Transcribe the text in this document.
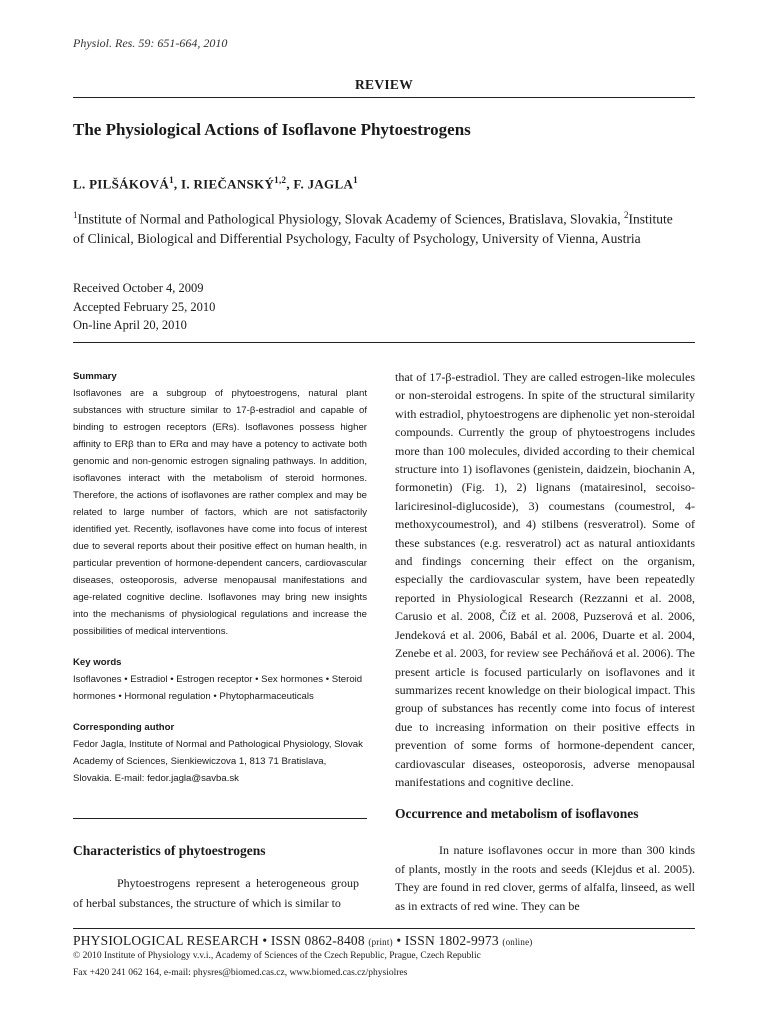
Physiol. Res. 59: 651-664, 2010
REVIEW
The Physiological Actions of Isoflavone Phytoestrogens
L. PILŠÁKOVÁ$^1$, I. RIEČANSKÝ$^{1,2}$, F. JAGLA$^1$
$^1$Institute of Normal and Pathological Physiology, Slovak Academy of Sciences, Bratislava, Slovakia, $^2$Institute of Clinical, Biological and Differential Psychology, Faculty of Psychology, University of Vienna, Austria
Received October 4, 2009
Accepted February 25, 2010
On-line April 20, 2010
Summary
Isoflavones are a subgroup of phytoestrogens, natural plant substances with structure similar to 17-β-estradiol and capable of binding to estrogen receptors (ERs). Isoflavones possess higher affinity to ERβ than to ERα and may have a potency to activate both genomic and non-genomic estrogen signaling pathways. In addition, isoflavones interact with the metabolism of steroid hormones. Therefore, the actions of isoflavones are rather complex and may be related to large number of factors, which are not satisfactorily identified yet. Recently, isoflavones have come into focus of interest due to several reports about their positive effect on human health, in particular prevention of hormone-dependent cancers, cardiovascular diseases, osteoporosis, adverse menopausal manifestations and age-related cognitive decline. Isoflavones may bring new insights into the mechanisms of physiological regulations and increase the possibilities of medical interventions.
Key words
Isoflavones • Estradiol • Estrogen receptor • Sex hormones • Steroid hormones • Hormonal regulation • Phytopharmaceuticals
Corresponding author
Fedor Jagla, Institute of Normal and Pathological Physiology, Slovak Academy of Sciences, Sienkiewiczova 1, 813 71 Bratislava, Slovakia. E-mail: fedor.jagla@savba.sk
Characteristics of phytoestrogens
Phytoestrogens represent a heterogeneous group of herbal substances, the structure of which is similar to
that of 17-β-estradiol. They are called estrogen-like molecules or non-steroidal estrogens. In spite of the structural similarity with estradiol, phytoestrogens are diphenolic yet non-steroidal compounds. Currently the group of phytoestrogens includes more than 100 molecules, divided according to their chemical structure into 1) isoflavones (genistein, daidzein, biochanin A, formonetin) (Fig. 1), 2) lignans (matairesinol, secoiso-lariciresinol-diglucoside), 3) coumestans (coumestrol, 4-methoxycoumestrol), and 4) stilbens (resveratrol). Some of these substances (e.g. resveratrol) act as natural antioxidants and findings concerning their effect on the organism, especially the cardiovascular system, have been repeatedly reported in Physiological Research (Rezzanni et al. 2008, Carusio et al. 2008, Číž et al. 2008, Puzserová et al. 2006, Jendeková et al. 2006, Babál et al. 2006, Duarte et al. 2004, Zenebe et al. 2003, for review see Pecháňová et al. 2006). The present article is focused particularly on isoflavones and it summarizes recent knowledge on their biological impact. This group of substances has recently come into focus of interest due to increasing information on their positive effects in prevention of some forms of hormone-dependent cancer, cardiovascular diseases, osteoporosis, adverse menopausal manifestations and cognitive decline.
Occurrence and metabolism of isoflavones
In nature isoflavones occur in more than 300 kinds of plants, mostly in the roots and seeds (Klejdus et al. 2005). They are found in red clover, germs of alfalfa, linseed, as well as in extracts of red wine. They can be
PHYSIOLOGICAL RESEARCH • ISSN 0862-8408 (print) • ISSN 1802-9973 (online)
© 2010 Institute of Physiology v.v.i., Academy of Sciences of the Czech Republic, Prague, Czech Republic
Fax +420 241 062 164, e-mail: physres@biomed.cas.cz, www.biomed.cas.cz/physiolres
